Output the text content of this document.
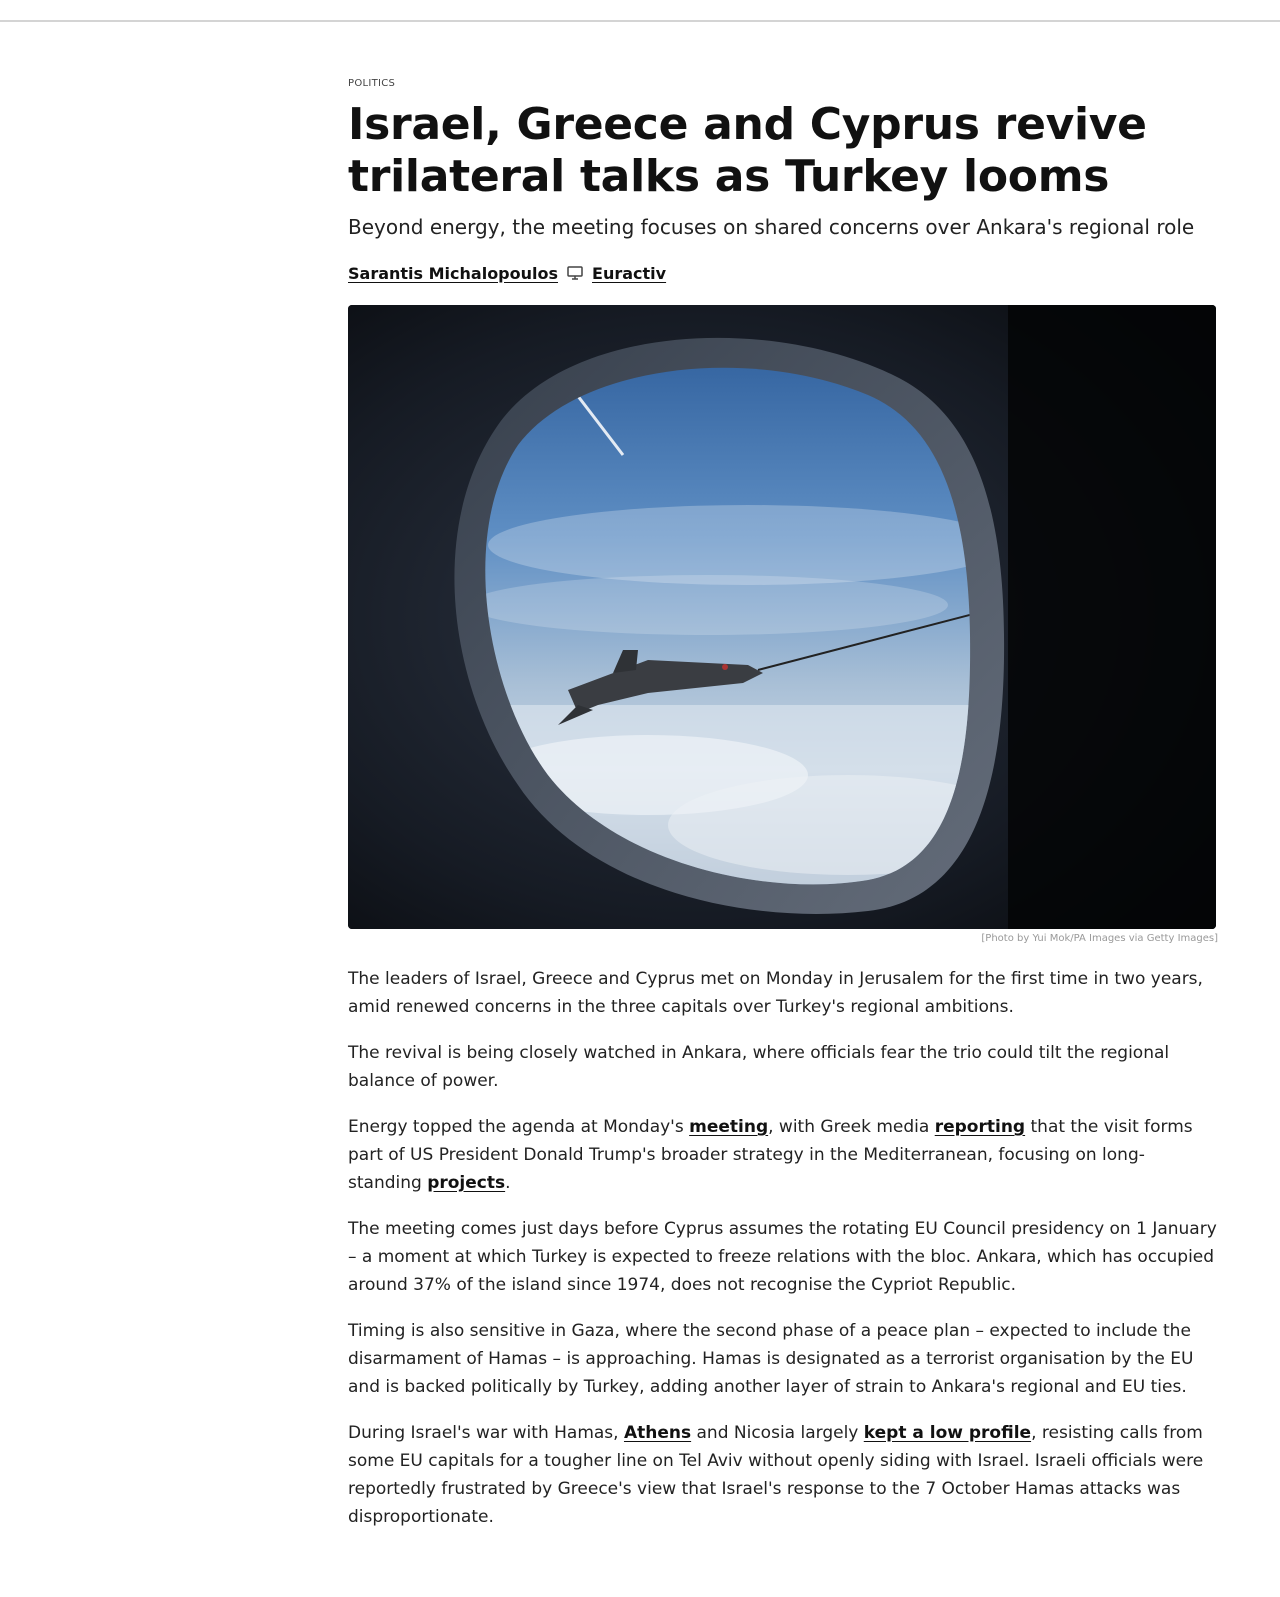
POLITICS
Israel, Greece and Cyprus revive trilateral talks as Turkey looms
Beyond energy, the meeting focuses on shared concerns over Ankara's regional role
Sarantis Michalopoulos Euractiv
[Photo by Yui Mok/PA Images via Getty Images]

The leaders of Israel, Greece and Cyprus met on Monday in Jerusalem for the first time in two years, amid renewed concerns in the three capitals over Turkey's regional ambitions.

The revival is being closely watched in Ankara, where officials fear the trio could tilt the regional balance of power.

Energy topped the agenda at Monday's meeting, with Greek media reporting that the visit forms part of US President Donald Trump's broader strategy in the Mediterranean, focusing on long-standing projects.

The meeting comes just days before Cyprus assumes the rotating EU Council presidency on 1 January – a moment at which Turkey is expected to freeze relations with the bloc. Ankara, which has occupied around 37% of the island since 1974, does not recognise the Cypriot Republic.

Timing is also sensitive in Gaza, where the second phase of a peace plan – expected to include the disarmament of Hamas – is approaching. Hamas is designated as a terrorist organisation by the EU and is backed politically by Turkey, adding another layer of strain to Ankara's regional and EU ties.

During Israel's war with Hamas, Athens and Nicosia largely kept a low profile, resisting calls from some EU capitals for a tougher line on Tel Aviv without openly siding with Israel. Israeli officials were reportedly frustrated by Greece's view that Israel's response to the 7 October Hamas attacks was disproportionate.
